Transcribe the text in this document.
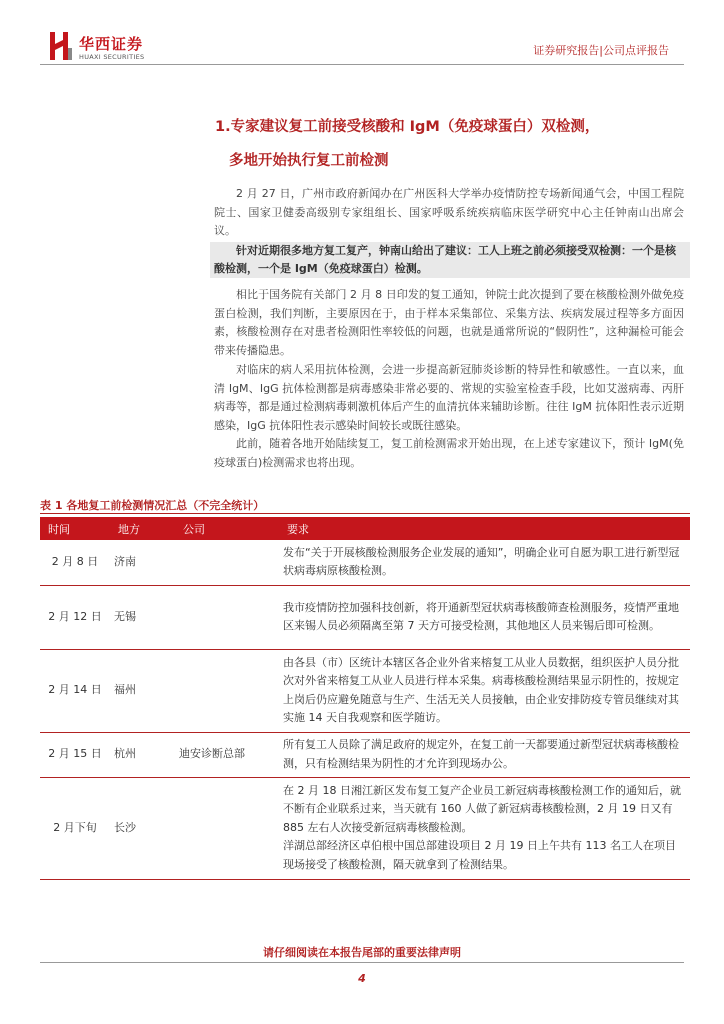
华西证券
HUAXI SECURITIES	证券研究报告|公司点评报告
1.专家建议复工前接受核酸和 IgM（免疫球蛋白）双检测，
多地开始执行复工前检测
2 月 27 日，广州市政府新闻办在广州医科大学举办疫情防控专场新闻通气会，中国工程院院士、国家卫健委高级别专家组组长、国家呼吸系统疾病临床医学研究中心主任钟南山出席会议。
针对近期很多地方复工复产，钟南山给出了建议：工人上班之前必须接受双检测：一个是核酸检测，一个是 IgM（免疫球蛋白）检测。
相比于国务院有关部门 2 月 8 日印发的复工通知，钟院士此次提到了要在核酸检测外做免疫蛋白检测，我们判断，主要原因在于，由于样本采集部位、采集方法、疾病发展过程等多方面因素，核酸检测存在对患者检测阳性率较低的问题，也就是通常所说的“假阴性”，这种漏检可能会带来传播隐患。
对临床的病人采用抗体检测，会进一步提高新冠肺炎诊断的特异性和敏感性。一直以来，血清 IgM、IgG 抗体检测都是病毒感染非常必要的、常规的实验室检查手段，比如艾滋病毒、丙肝病毒等，都是通过检测病毒刺激机体后产生的血清抗体来辅助诊断。往往 IgM 抗体阳性表示近期感染，IgG 抗体阳性表示感染时间较长或既往感染。
此前，随着各地开始陆续复工，复工前检测需求开始出现，在上述专家建议下，预计 IgM(免疫球蛋白)检测需求也将出现。
表 1 各地复工前检测情况汇总（不完全统计）
时间	地方	公司	要求
2 月 8 日	济南		发布“关于开展核酸检测服务企业发展的通知”，明确企业可自愿为职工进行新型冠状病毒病原核酸检测。
2 月 12 日	无锡		我市疫情防控加强科技创新，将开通新型冠状病毒核酸筛查检测服务，疫情严重地区来锡人员必须隔离至第 7 天方可接受检测，其他地区人员来锡后即可检测。
2 月 14 日	福州		由各县（市）区统计本辖区各企业外省来榕复工从业人员数据，组织医护人员分批次对外省来榕复工从业人员进行样本采集。病毒核酸检测结果显示阴性的，按规定上岗后仍应避免随意与生产、生活无关人员接触，由企业安排防疫专管员继续对其实施 14 天自我观察和医学随访。
2 月 15 日	杭州	迪安诊断总部	所有复工人员除了满足政府的规定外，在复工前一天都要通过新型冠状病毒核酸检测，只有检测结果为阴性的才允许到现场办公。
2 月下旬	长沙		在 2 月 18 日湘江新区发布复工复产企业员工新冠病毒核酸检测工作的通知后，就不断有企业联系过来，当天就有 160 人做了新冠病毒核酸检测，2 月 19 日又有 885 左右人次接受新冠病毒核酸检测。
洋湖总部经济区卓伯根中国总部建设项目 2 月 19 日上午共有 113 名工人在项目现场接受了核酸检测，隔天就拿到了检测结果。
请仔细阅读在本报告尾部的重要法律声明
4
